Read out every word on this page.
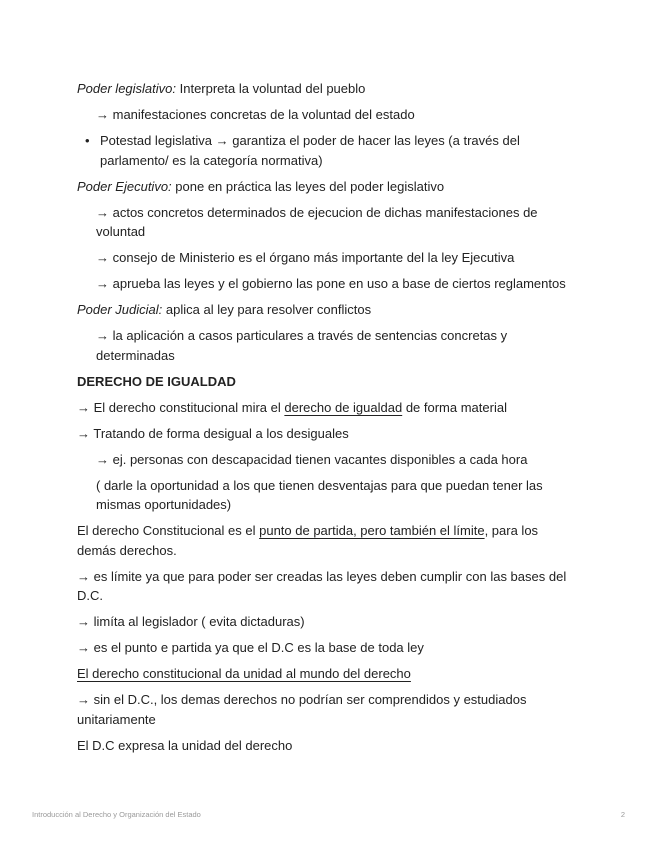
Poder legislativo: Interpreta la voluntad del pueblo

→ manifestaciones concretas de la voluntad del estado

• Potestad legislativa → garantiza el poder de hacer las leyes (a través del parlamento/ es la categoría normativa)

Poder Ejecutivo: pone en práctica las leyes del poder legislativo

→ actos concretos determinados de ejecucion de dichas manifestaciones de voluntad

→ consejo de Ministerio es el órgano más importante del la ley Ejecutiva

→ aprueba las leyes y el gobierno las pone en uso a base de ciertos reglamentos

Poder Judicial: aplica al ley para resolver conflictos

→ la aplicación a casos particulares a través de sentencias concretas y determinadas

DERECHO DE IGUALDAD

→ El derecho constitucional mira el derecho de igualdad de forma material

→ Tratando de forma desigual a los desiguales

→ ej. personas con descapacidad tienen vacantes disponibles a cada hora

( darle la oportunidad a los que tienen desventajas para que puedan tener las mismas oportunidades)

El derecho Constitucional es el punto de partida, pero también el límite, para los demás derechos.

→ es límite ya que para poder ser creadas las leyes deben cumplir con las bases del D.C.

→ limíta al legislador ( evita dictaduras)

→ es el punto e partida ya que el D.C es la base de toda ley

El derecho constitucional da unidad al mundo del derecho

→ sin el D.C., los demas derechos no podrían ser comprendidos y estudiados unitariamente

El D.C expresa la unidad del derecho

Introducción al Derecho y Organización del Estado	2
